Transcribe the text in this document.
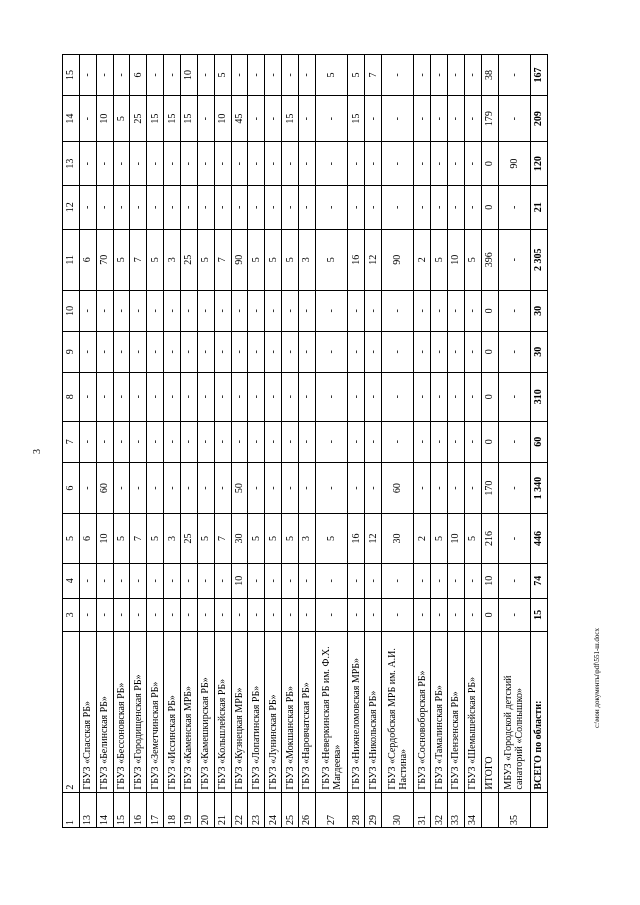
3
1	2	3	4	5	6	7	8	9	10	11	12	13	14	15
13	ГБУЗ «Спасская РБ»	-	-	6	-	-	-	-	-	6	-	-	-	-
14	ГБУЗ «Белинская РБ»	-	-	10	60	-	-	-	-	70	-	-	10	-
15	ГБУЗ «Бессоновская РБ»	-	-	5	-	-	-	-	-	5	-	-	5	-
16	ГБУЗ «Городищенская РБ»	-	-	7	-	-	-	-	-	7	-	-	25	6
17	ГБУЗ «Земетчинская РБ»	-	-	5	-	-	-	-	-	5	-	-	15	-
18	ГБУЗ «Иссинская РБ»	-	-	3	-	-	-	-	-	3	-	-	15	-
19	ГБУЗ «Каменская МРБ»	-	-	25	-	-	-	-	-	25	-	-	15	10
20	ГБУЗ «Камешкирская РБ»	-	-	5	-	-	-	-	-	5	-	-	-	-
21	ГБУЗ «Кольшлейская РБ»	-	-	7	-	-	-	-	-	7	-	-	10	5
22	ГБУЗ «Кузнецкая МРБ»	-	10	30	50	-	-	-	-	90	-	-	45	-
23	ГБУЗ «Лопатинская РБ»	-	-	5	-	-	-	-	-	5	-	-	-	-
24	ГБУЗ «Лунинская РБ»	-	-	5	-	-	-	-	-	5	-	-	-	-
25	ГБУЗ «Мокшанская РБ»	-	-	5	-	-	-	-	-	5	-	-	15	-
26	ГБУЗ «Наровчатская РБ»	-	-	3	-	-	-	-	-	3	-	-	-	-
27	ГБУЗ «Неверкинская РБ им. Ф.Х. Магдеева»	-	-	5	-	-	-	-	-	5	-	-	-	5
28	ГБУЗ «Нижнеломовская МРБ»	-	-	16	-	-	-	-	-	16	-	-	15	5
29	ГБУЗ «Никольская РБ»	-	-	12	-	-	-	-	-	12	-	-	-	7
30	ГБУЗ «Сердобская МРБ им. А.И. Настина»	-	-	30	60	-	-	-	-	90	-	-	-	-
31	ГБУЗ «Сосновоборская РБ»	-	-	2	-	-	-	-	-	2	-	-	-	-
32	ГБУЗ «Тамалинская РБ»	-	-	5	-	-	-	-	-	5	-	-	-	-
33	ГБУЗ «Пензенская РБ»	-	-	10	-	-	-	-	-	10	-	-	-	-
34	ГБУЗ «Шемышейская РБ»	-	-	5	-	-	-	-	-	5	-	-	-	-
	ИТОГО	0	10	216	170	0	0	0	0	396	0	0	179	38
35	МБУЗ «Городской детский санаторий «Солнышко»	-	-	-	-	-	-	-	-	-	-	90	-	-
	ВСЕГО по области:	15	74	446	1 340	60	310	30	30	2 305	21	120	209	167
c:\мои документы\pdf\551-ш.docx
